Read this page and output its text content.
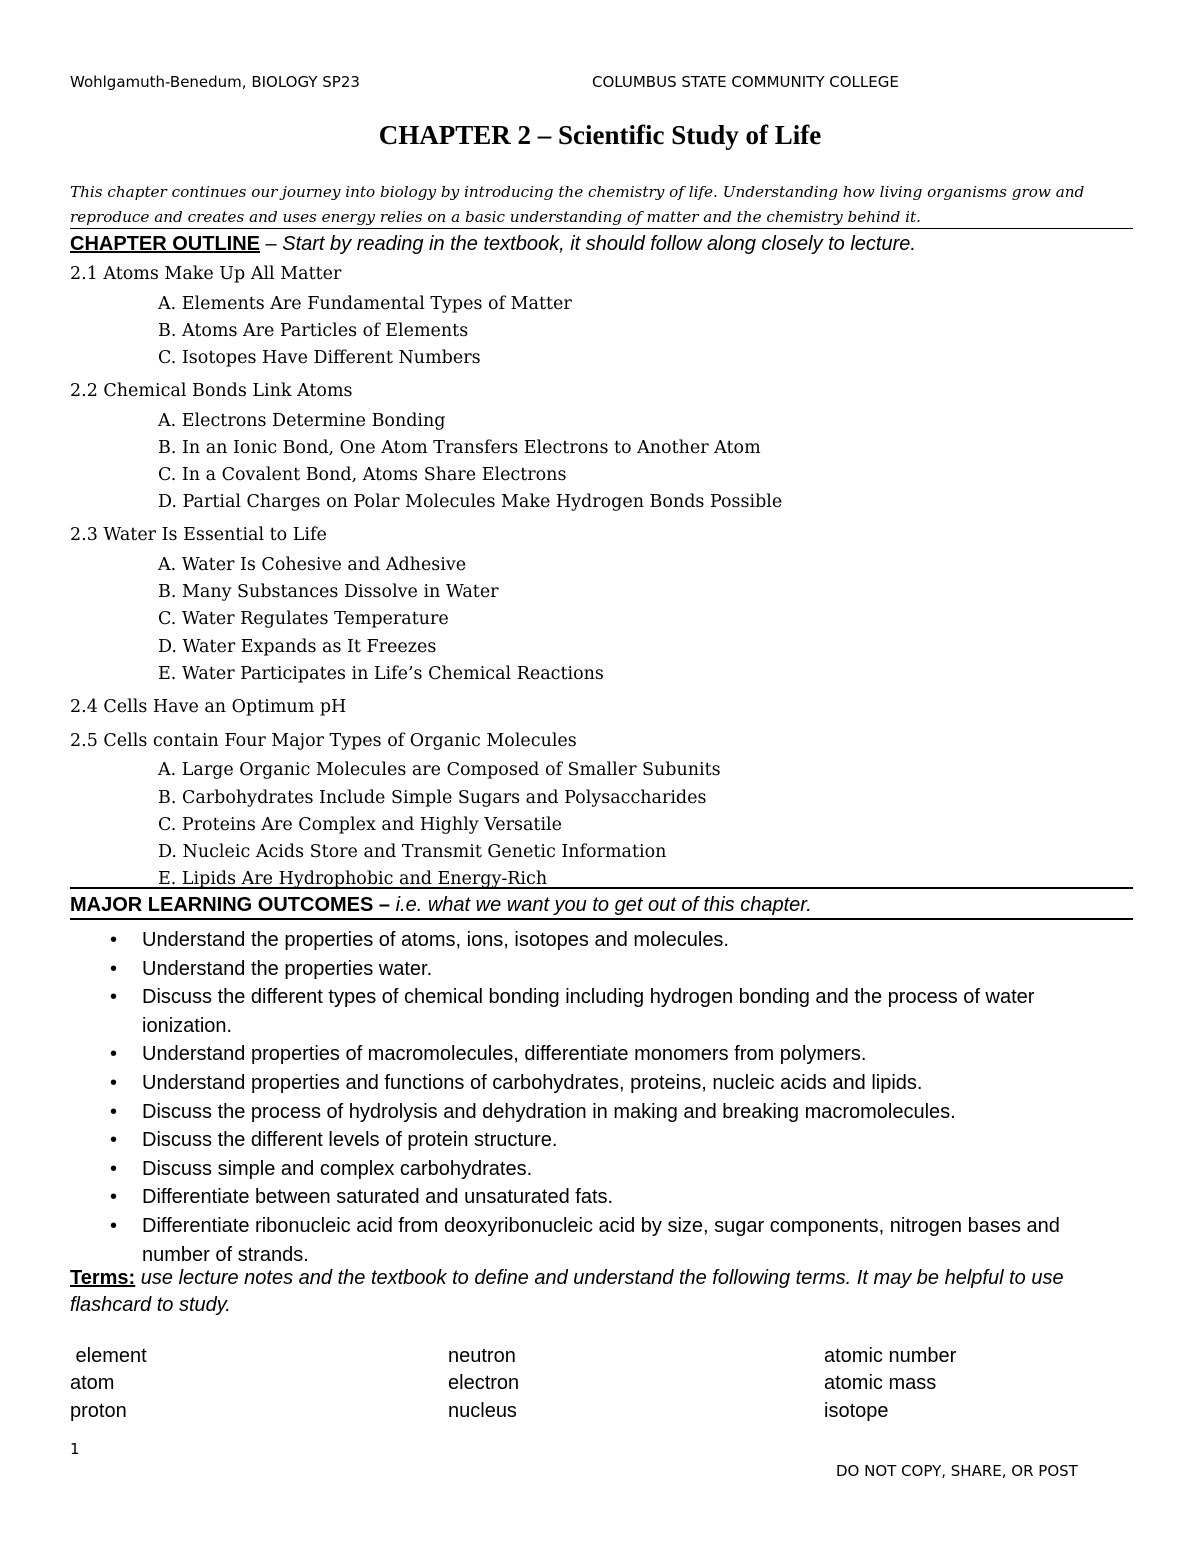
Wohlgamuth-Benedum, BIOLOGY SP23	COLUMBUS STATE COMMUNITY COLLEGE
CHAPTER 2 – Scientific Study of Life
This chapter continues our journey into biology by introducing the chemistry of life. Understanding how living organisms grow and reproduce and creates and uses energy relies on a basic understanding of matter and the chemistry behind it.
CHAPTER OUTLINE – Start by reading in the textbook, it should follow along closely to lecture.
2.1 Atoms Make Up All Matter
A. Elements Are Fundamental Types of Matter
B. Atoms Are Particles of Elements
C. Isotopes Have Different Numbers
2.2 Chemical Bonds Link Atoms
A. Electrons Determine Bonding
B. In an Ionic Bond, One Atom Transfers Electrons to Another Atom
C. In a Covalent Bond, Atoms Share Electrons
D. Partial Charges on Polar Molecules Make Hydrogen Bonds Possible
2.3 Water Is Essential to Life
A. Water Is Cohesive and Adhesive
B. Many Substances Dissolve in Water
C. Water Regulates Temperature
D. Water Expands as It Freezes
E. Water Participates in Life’s Chemical Reactions
2.4 Cells Have an Optimum pH
2.5 Cells contain Four Major Types of Organic Molecules
A. Large Organic Molecules are Composed of Smaller Subunits
B. Carbohydrates Include Simple Sugars and Polysaccharides
C. Proteins Are Complex and Highly Versatile
D. Nucleic Acids Store and Transmit Genetic Information
E. Lipids Are Hydrophobic and Energy-Rich
MAJOR LEARNING OUTCOMES – i.e. what we want you to get out of this chapter.
• Understand the properties of atoms, ions, isotopes and molecules.
• Understand the properties water.
• Discuss the different types of chemical bonding including hydrogen bonding and the process of water ionization.
• Understand properties of macromolecules, differentiate monomers from polymers.
• Understand properties and functions of carbohydrates, proteins, nucleic acids and lipids.
• Discuss the process of hydrolysis and dehydration in making and breaking macromolecules.
• Discuss the different levels of protein structure.
• Discuss simple and complex carbohydrates.
• Differentiate between saturated and unsaturated fats.
• Differentiate ribonucleic acid from deoxyribonucleic acid by size, sugar components, nitrogen bases and number of strands.
Terms: use lecture notes and the textbook to define and understand the following terms. It may be helpful to use flashcard to study.
element
atom
proton
neutron
electron
nucleus
atomic number
atomic mass
isotope
1
DO NOT COPY, SHARE, OR POST
